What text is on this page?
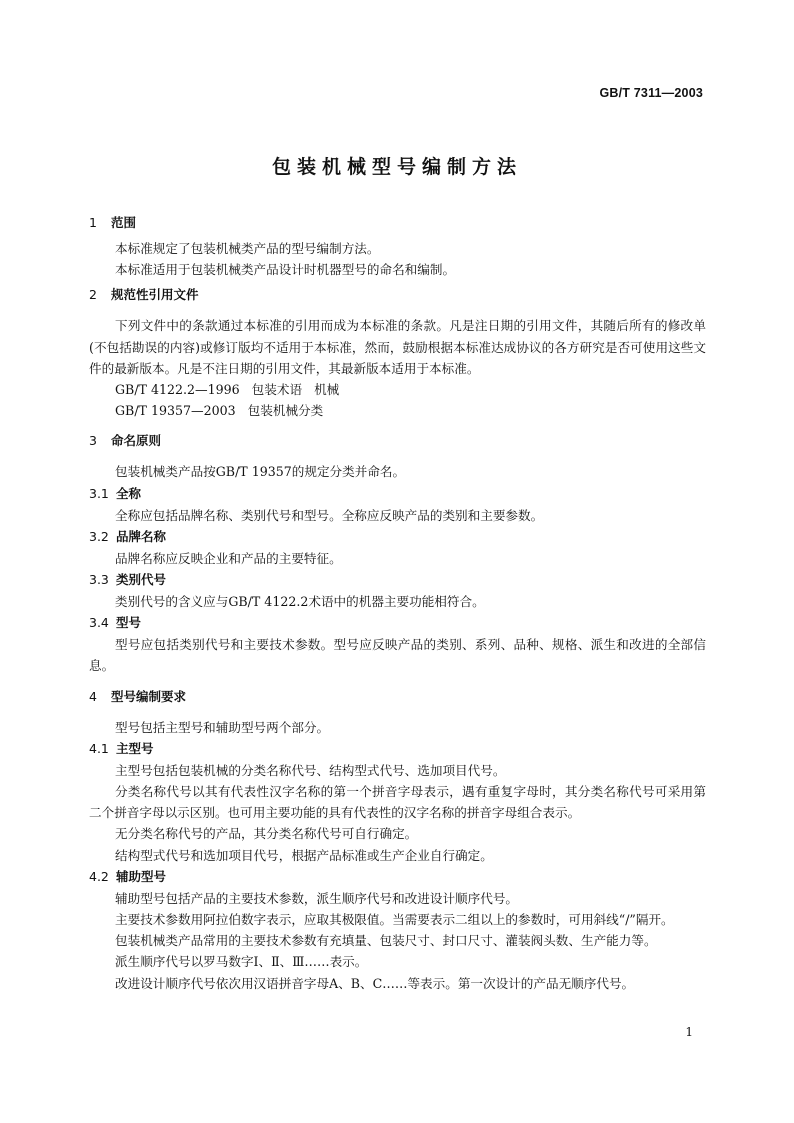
GB/T 7311—2003
包装机械型号编制方法
1 范围

本标准规定了包装机械类产品的型号编制方法。

本标准适用于包装机械类产品设计时机器型号的命名和编制。

2 规范性引用文件

下列文件中的条款通过本标准的引用而成为本标准的条款。凡是注日期的引用文件，其随后所有的修改单(不包括勘误的内容)或修订版均不适用于本标准，然而，鼓励根据本标准达成协议的各方研究是否可使用这些文件的最新版本。凡是不注日期的引用文件，其最新版本适用于本标准。

GB/T 4122.2—1996   包装术语   机械

GB/T 19357—2003   包装机械分类

3 命名原则

包装机械类产品按GB/T 19357的规定分类并命名。

3.1 全称

全称应包括品牌名称、类别代号和型号。全称应反映产品的类别和主要参数。

3.2 品牌名称

品牌名称应反映企业和产品的主要特征。

3.3 类别代号

类别代号的含义应与GB/T 4122.2术语中的机器主要功能相符合。

3.4 型号

型号应包括类别代号和主要技术参数。型号应反映产品的类别、系列、品种、规格、派生和改进的全部信息。

4 型号编制要求

型号包括主型号和辅助型号两个部分。

4.1 主型号

主型号包括包装机械的分类名称代号、结构型式代号、选加项目代号。

分类名称代号以其有代表性汉字名称的第一个拼音字母表示，遇有重复字母时，其分类名称代号可采用第二个拼音字母以示区别。也可用主要功能的具有代表性的汉字名称的拼音字母组合表示。

无分类名称代号的产品，其分类名称代号可自行确定。

结构型式代号和选加项目代号，根据产品标准或生产企业自行确定。

4.2 辅助型号

辅助型号包括产品的主要技术参数，派生顺序代号和改进设计顺序代号。

主要技术参数用阿拉伯数字表示，应取其极限值。当需要表示二组以上的参数时，可用斜线“/”隔开。

包装机械类产品常用的主要技术参数有充填量、包装尺寸、封口尺寸、灌装阀头数、生产能力等。

派生顺序代号以罗马数字Ⅰ、Ⅱ、Ⅲ……表示。

改进设计顺序代号依次用汉语拼音字母A、B、C……等表示。第一次设计的产品无顺序代号。

1
